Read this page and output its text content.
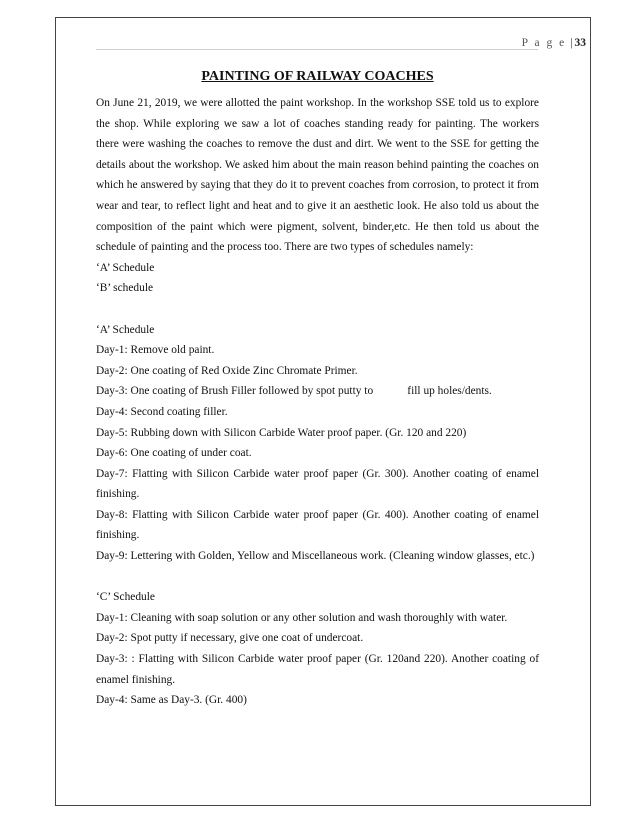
P a g e | 33

PAINTING OF RAILWAY COACHES

On June 21, 2019, we were allotted the paint workshop. In the workshop SSE told us to explore the shop. While exploring we saw a lot of coaches standing ready for painting. The workers there were washing the coaches to remove the dust and dirt. We went to the SSE for getting the details about the workshop. We asked him about the main reason behind painting the coaches on which he answered by saying that they do it to prevent coaches from corrosion, to protect it from wear and tear, to reflect light and heat and to give it an aesthetic look. He also told us about the composition of the paint which were pigment, solvent, binder,etc. He then told us about the schedule of painting and the process too. There are two types of schedules namely:

‘A’ Schedule

‘B’ schedule

‘A’ Schedule

Day-1: Remove old paint.

Day-2: One coating of Red Oxide Zinc Chromate Primer.

Day-3: One coating of Brush Filler followed by spot putty to            fill up holes/dents.

Day-4: Second coating filler.

Day-5: Rubbing down with Silicon Carbide Water proof paper. (Gr. 120 and 220)

Day-6: One coating of under coat.

Day-7: Flatting with Silicon Carbide water proof paper (Gr. 300). Another coating of enamel finishing.

Day-8: Flatting with Silicon Carbide water proof paper (Gr. 400). Another coating of enamel finishing.

Day-9: Lettering with Golden, Yellow and Miscellaneous work. (Cleaning window glasses, etc.)

‘C’ Schedule

Day-1: Cleaning with soap solution or any other solution and wash thoroughly with water.

Day-2: Spot putty if necessary, give one coat of undercoat.

Day-3: : Flatting with Silicon Carbide water proof paper (Gr. 120and 220). Another coating of enamel finishing.

Day-4: Same as Day-3. (Gr. 400)
